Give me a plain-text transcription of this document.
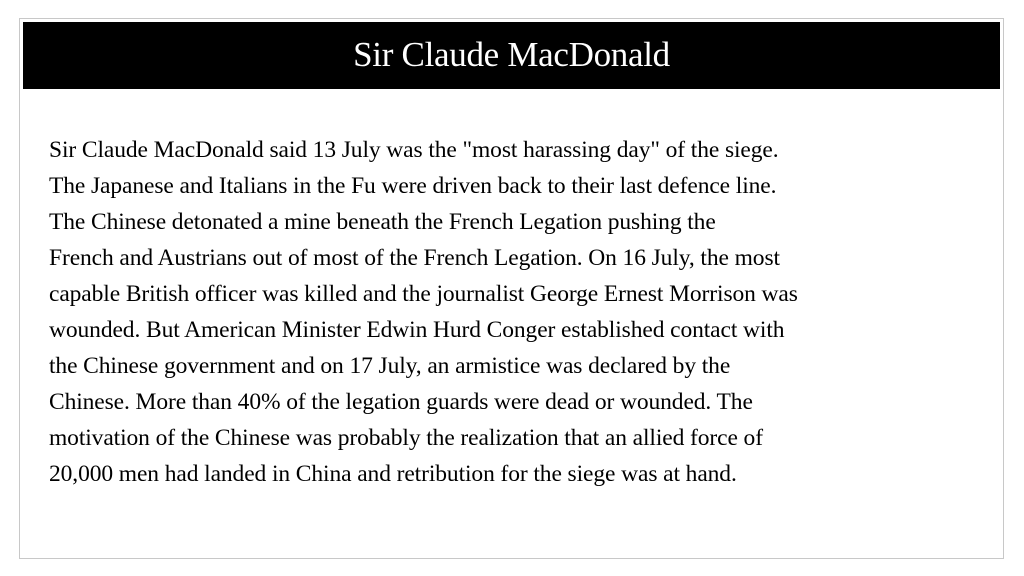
Sir Claude MacDonald

Sir Claude MacDonald said 13 July was the "most harassing day" of the siege.
The Japanese and Italians in the Fu were driven back to their last defence line.
The Chinese detonated a mine beneath the French Legation pushing the
French and Austrians out of most of the French Legation. On 16 July, the most
capable British officer was killed and the journalist George Ernest Morrison was
wounded. But American Minister Edwin Hurd Conger established contact with
the Chinese government and on 17 July, an armistice was declared by the
Chinese. More than 40% of the legation guards were dead or wounded. The
motivation of the Chinese was probably the realization that an allied force of
20,000 men had landed in China and retribution for the siege was at hand.
